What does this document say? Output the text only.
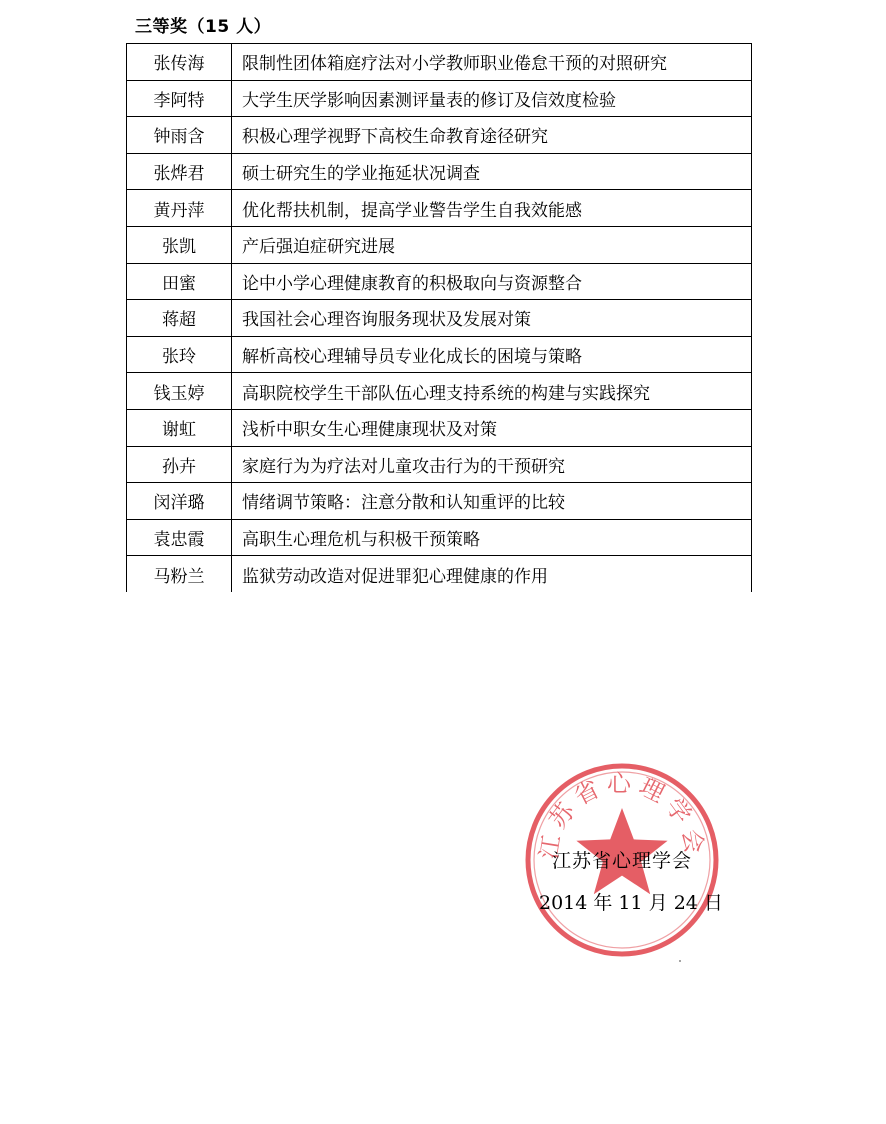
三等奖（15 人）
张传海	限制性团体箱庭疗法对小学教师职业倦怠干预的对照研究
李阿特	大学生厌学影响因素测评量表的修订及信效度检验
钟雨含	积极心理学视野下高校生命教育途径研究
张烨君	硕士研究生的学业拖延状况调查
黄丹萍	优化帮扶机制，提高学业警告学生自我效能感
张凯	产后强迫症研究进展
田蜜	论中小学心理健康教育的积极取向与资源整合
蒋超	我国社会心理咨询服务现状及发展对策
张玲	解析高校心理辅导员专业化成长的困境与策略
钱玉婷	高职院校学生干部队伍心理支持系统的构建与实践探究
谢虹	浅析中职女生心理健康现状及对策
孙卉	家庭行为为疗法对儿童攻击行为的干预研究
闵洋璐	情绪调节策略：注意分散和认知重评的比较
袁忠霞	高职生心理危机与积极干预策略
马粉兰	监狱劳动改造对促进罪犯心理健康的作用
江苏省心理学会
江苏省心理学会
2014 年 11 月 24 日
